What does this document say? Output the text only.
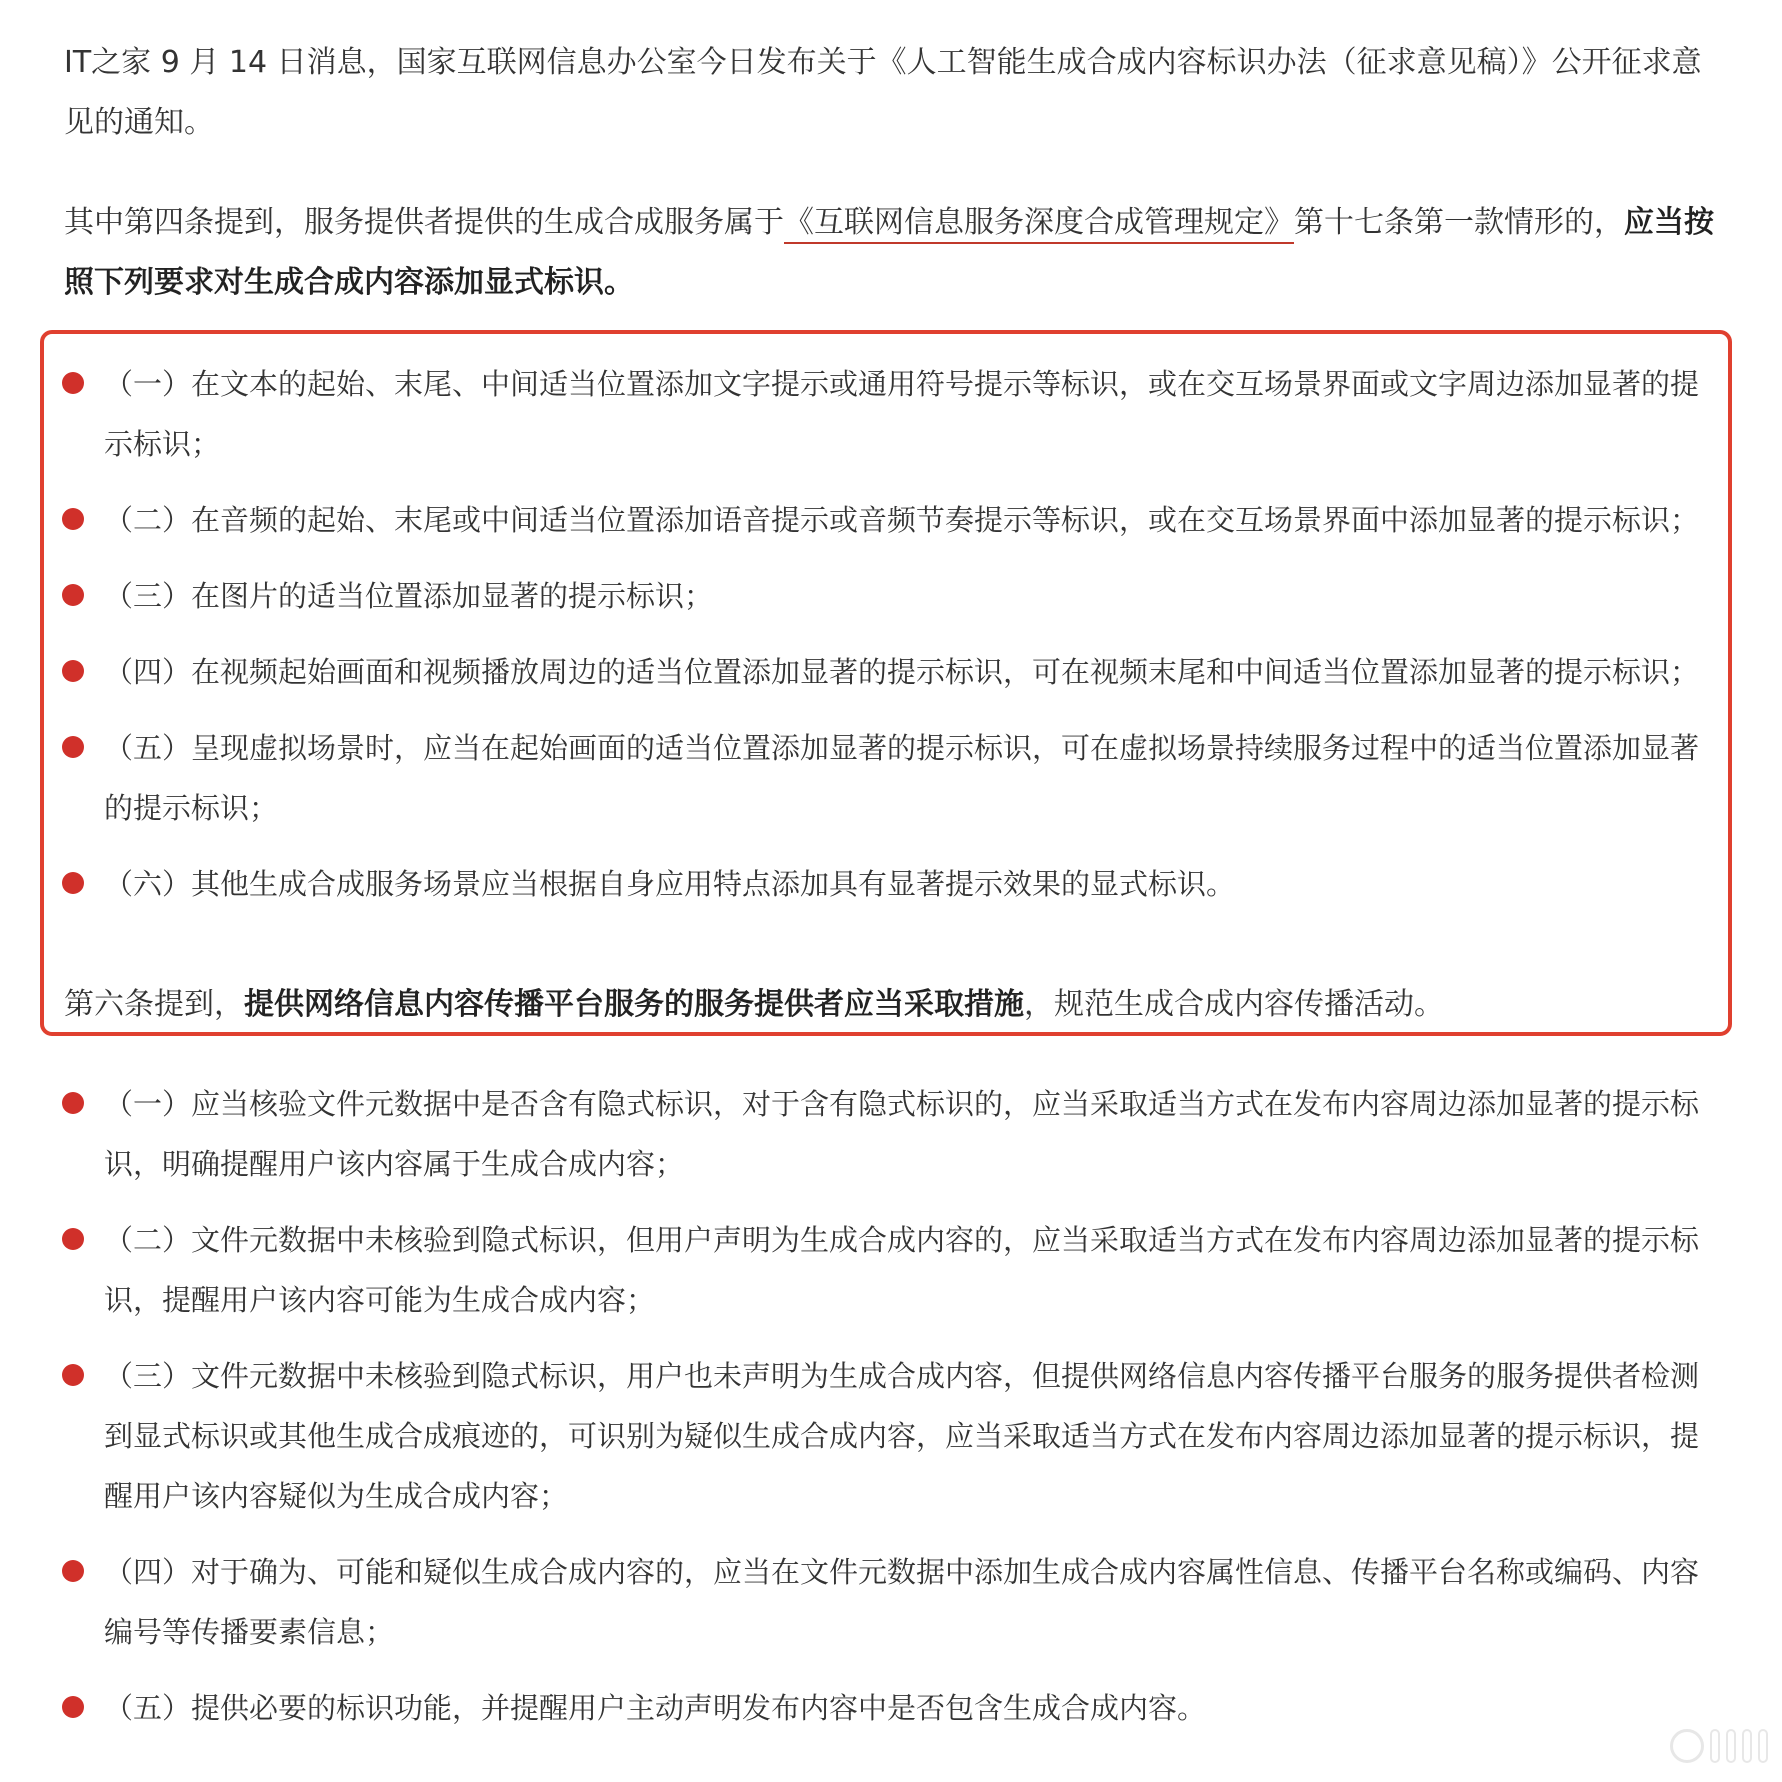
IT之家 9 月 14 日消息，国家互联网信息办公室今日发布关于《人工智能生成合成内容标识办法（征求意见稿）》公开征求意见的通知。

其中第四条提到，服务提供者提供的生成合成服务属于《互联网信息服务深度合成管理规定》第十七条第一款情形的，应当按照下列要求对生成合成内容添加显式标识。

（一）在文本的起始、末尾、中间适当位置添加文字提示或通用符号提示等标识，或在交互场景界面或文字周边添加显著的提示标识；
（二）在音频的起始、末尾或中间适当位置添加语音提示或音频节奏提示等标识，或在交互场景界面中添加显著的提示标识；
（三）在图片的适当位置添加显著的提示标识；
（四）在视频起始画面和视频播放周边的适当位置添加显著的提示标识，可在视频末尾和中间适当位置添加显著的提示标识；
（五）呈现虚拟场景时，应当在起始画面的适当位置添加显著的提示标识，可在虚拟场景持续服务过程中的适当位置添加显著的提示标识；
（六）其他生成合成服务场景应当根据自身应用特点添加具有显著提示效果的显式标识。

第六条提到，提供网络信息内容传播平台服务的服务提供者应当采取措施，规范生成合成内容传播活动。

（一）应当核验文件元数据中是否含有隐式标识，对于含有隐式标识的，应当采取适当方式在发布内容周边添加显著的提示标识，明确提醒用户该内容属于生成合成内容；
（二）文件元数据中未核验到隐式标识，但用户声明为生成合成内容的，应当采取适当方式在发布内容周边添加显著的提示标识，提醒用户该内容可能为生成合成内容；
（三）文件元数据中未核验到隐式标识，用户也未声明为生成合成内容，但提供网络信息内容传播平台服务的服务提供者检测到显式标识或其他生成合成痕迹的，可识别为疑似生成合成内容，应当采取适当方式在发布内容周边添加显著的提示标识，提醒用户该内容疑似为生成合成内容；
（四）对于确为、可能和疑似生成合成内容的，应当在文件元数据中添加生成合成内容属性信息、传播平台名称或编码、内容编号等传播要素信息；
（五）提供必要的标识功能，并提醒用户主动声明发布内容中是否包含生成合成内容。
